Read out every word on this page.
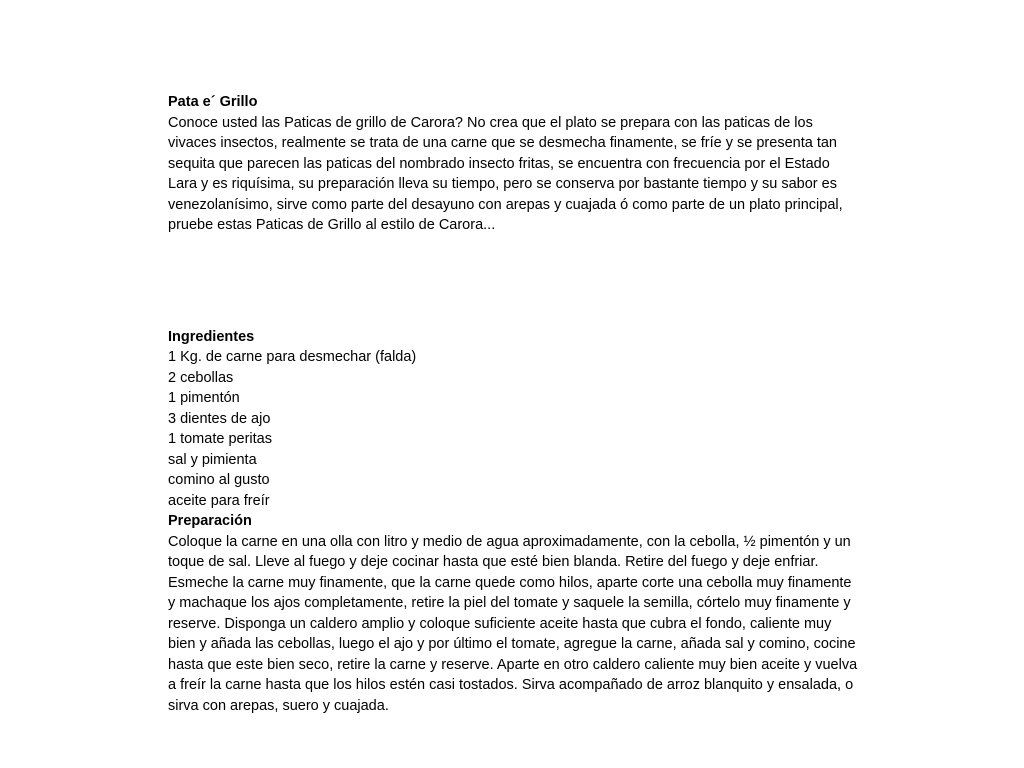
Pata e´ Grillo

Conoce usted las Paticas de grillo de Carora? No crea que el plato se prepara con las paticas de los vivaces insectos, realmente se trata de una carne que se desmecha finamente, se fríe y se presenta tan sequita que parecen las paticas del nombrado insecto fritas, se encuentra con frecuencia por el Estado Lara y es riquísima, su preparación lleva su tiempo, pero se conserva por bastante tiempo y su sabor es venezolanísimo, sirve como parte del desayuno con arepas y cuajada ó como parte de un plato principal, pruebe estas Paticas de Grillo al estilo de Carora...

Ingredientes
1 Kg. de carne para desmechar (falda)
2 cebollas
1 pimentón
3 dientes de ajo
1 tomate peritas
sal y pimienta
comino al gusto
aceite para freír
Preparación

Coloque la carne en una olla con litro y medio de agua aproximadamente, con la cebolla, ½ pimentón y un toque de sal. Lleve al fuego y deje cocinar hasta que esté bien blanda. Retire del fuego y deje enfriar. Esmeche la carne muy finamente, que la carne quede como hilos, aparte corte una cebolla muy finamente y machaque los ajos completamente, retire la piel del tomate y saquele la semilla, córtelo muy finamente y reserve. Disponga un caldero amplio y coloque suficiente aceite hasta que cubra el fondo, caliente muy bien y añada las cebollas, luego el ajo y por último el tomate, agregue la carne, añada sal y comino, cocine hasta que este bien seco, retire la carne y reserve. Aparte en otro caldero caliente muy bien aceite y vuelva a freír la carne hasta que los hilos estén casi tostados. Sirva acompañado de arroz blanquito y ensalada, o sirva con arepas, suero y cuajada.
